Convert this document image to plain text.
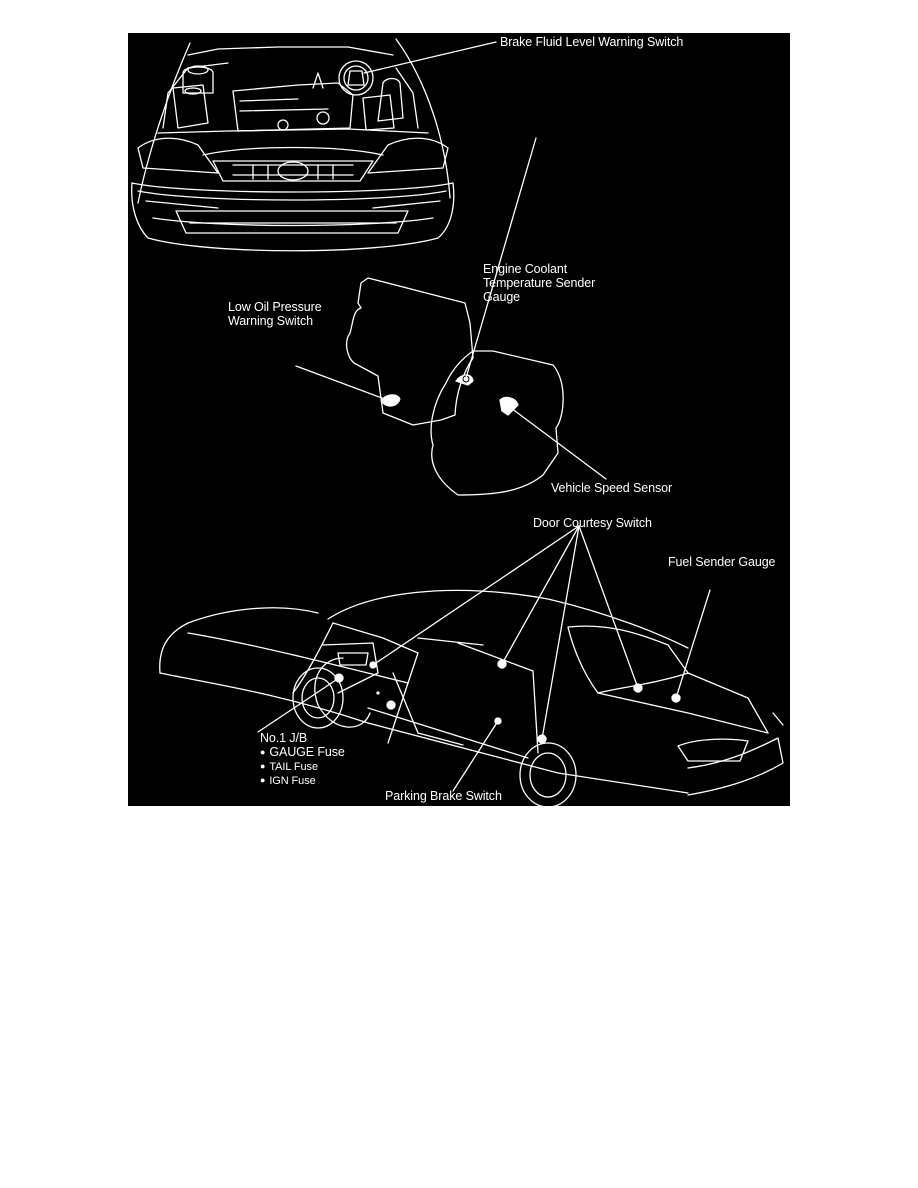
Brake Fluid Level Warning Switch
Engine Coolant
Temperature Sender
Gauge
Low Oil Pressure
Warning Switch
Vehicle Speed Sensor
Door Courtesy Switch
Fuel Sender Gauge
No.1 J/B
● GAUGE Fuse
● TAIL Fuse
● IGN Fuse
Parking Brake Switch
